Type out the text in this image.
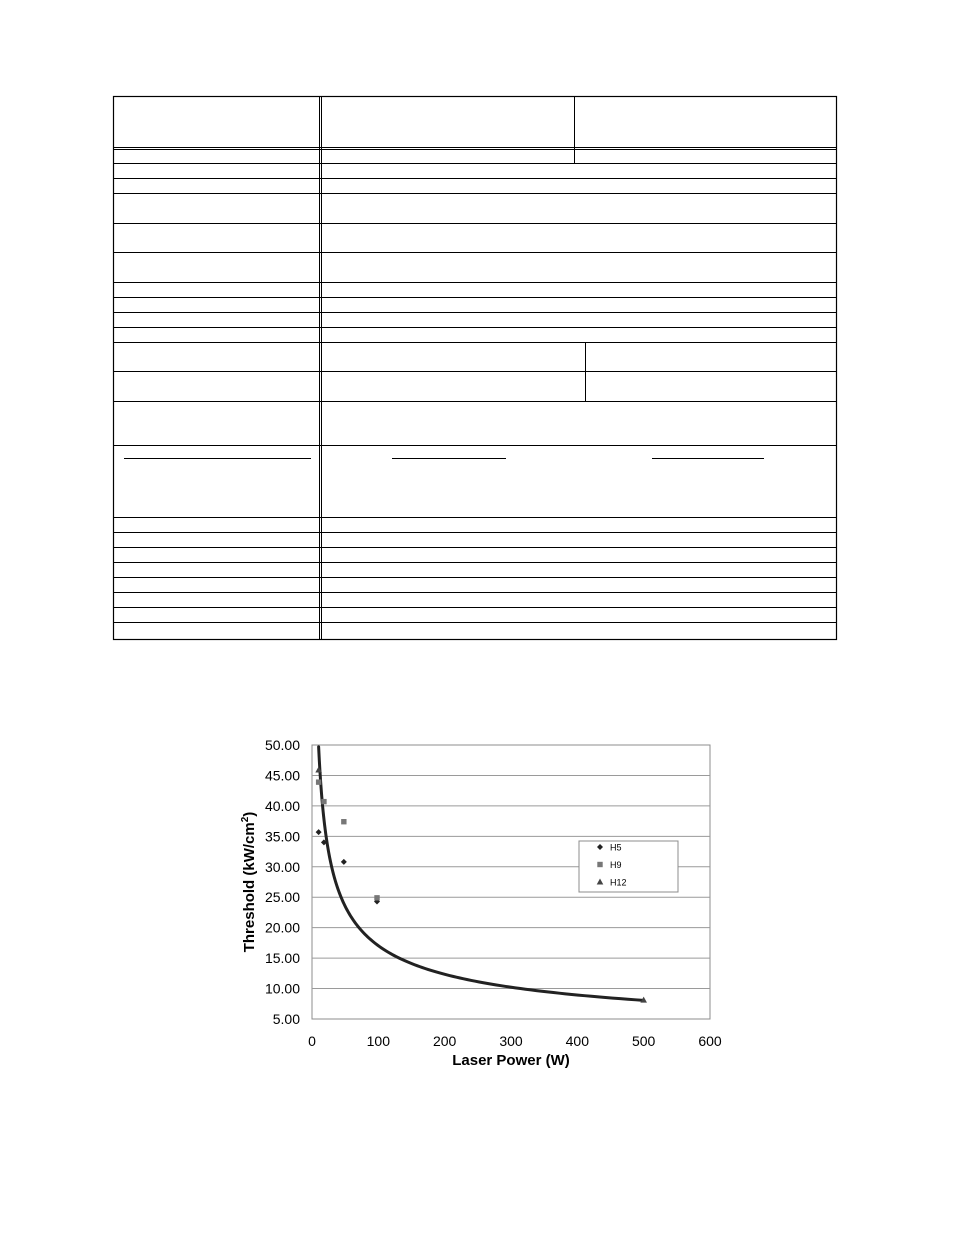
5.00
10.00
15.00
20.00
25.00
30.00
35.00
40.00
45.00
50.00
0	100	200	300	400	500	600
H5
H9
H12
Laser Power (W)
Threshold $(kW/cm^2)$
